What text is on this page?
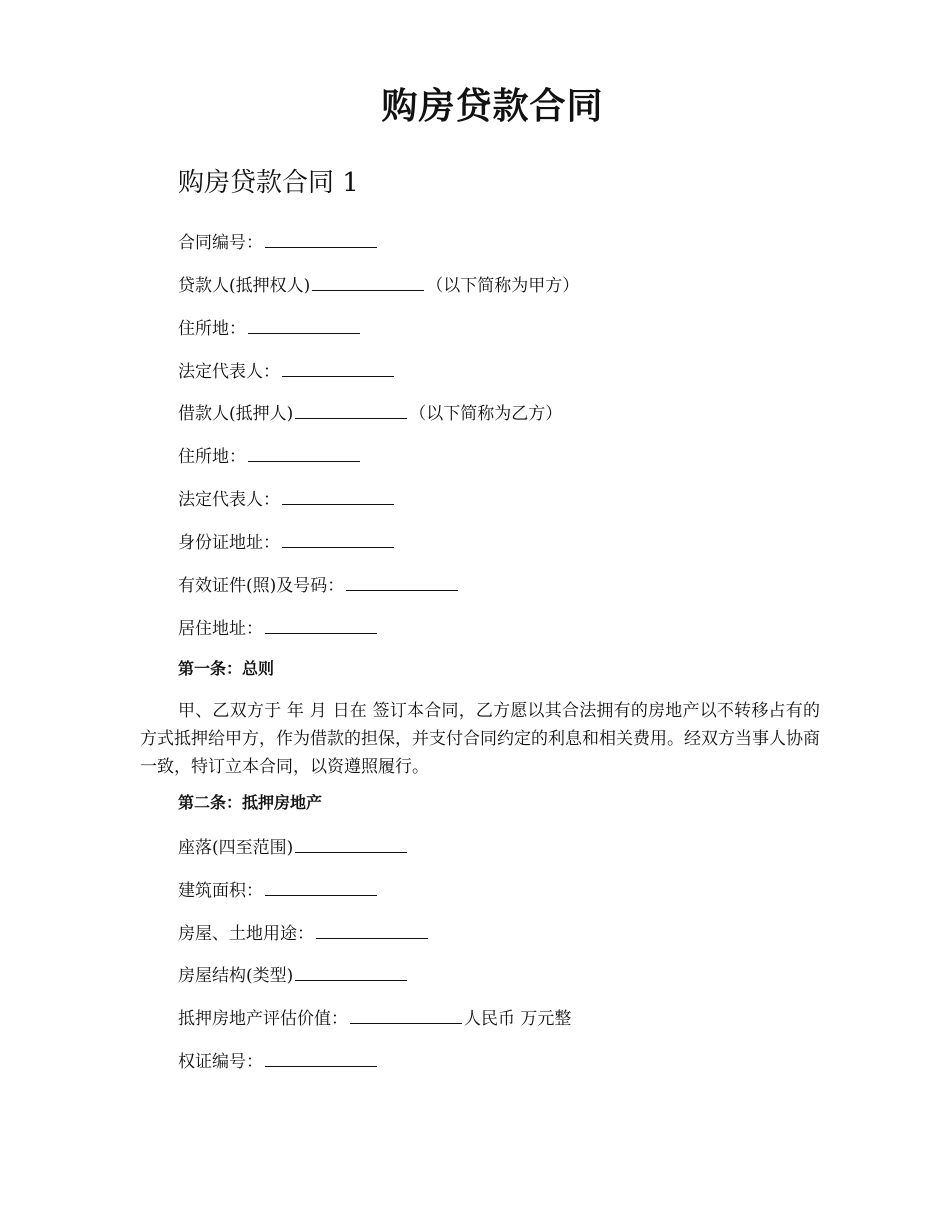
购房贷款合同
购房贷款合同 1
合同编号：
贷款人(抵押权人)	（以下简称为甲方）
住所地：
法定代表人：
借款人(抵押人)	（以下简称为乙方）
住所地：
法定代表人：
身份证地址：
有效证件(照)及号码：
居住地址：
第一条：总则

甲、乙双方于 年 月 日在 签订本合同，乙方愿以其合法拥有的房地产以不转移占有的方式抵押给甲方，作为借款的担保，并支付合同约定的利息和相关费用。经双方当事人协商一致，特订立本合同，以资遵照履行。

第二条：抵押房地产
座落(四至范围)
建筑面积：
房屋、土地用途：
房屋结构(类型)
抵押房地产评估价值：	人民币 万元整
权证编号：
